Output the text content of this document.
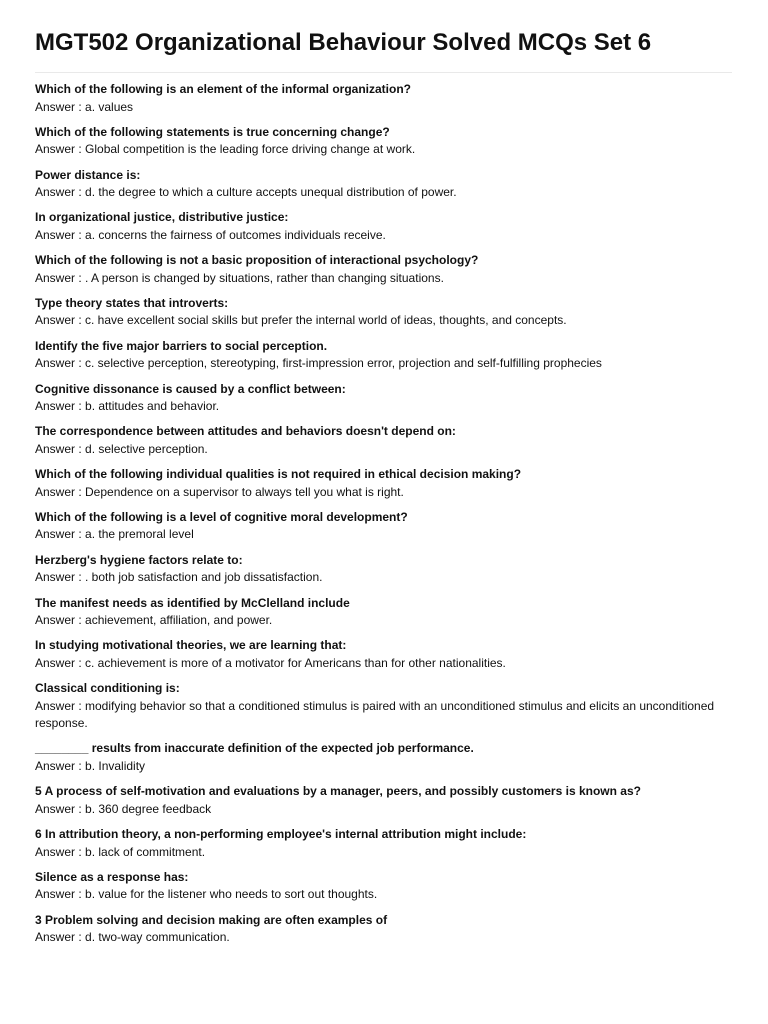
MGT502 Organizational Behaviour Solved MCQs Set 6

Which of the following is an element of the informal organization?

Answer : a. values

Which of the following statements is true concerning change?

Answer : Global competition is the leading force driving change at work.

Power distance is:

Answer : d. the degree to which a culture accepts unequal distribution of power.

In organizational justice, distributive justice:

Answer : a. concerns the fairness of outcomes individuals receive.

Which of the following is not a basic proposition of interactional psychology?

Answer : . A person is changed by situations, rather than changing situations.

Type theory states that introverts:

Answer : c. have excellent social skills but prefer the internal world of ideas, thoughts, and concepts.

Identify the five major barriers to social perception.

Answer : c. selective perception, stereotyping, first-impression error, projection and self-fulfilling prophecies

Cognitive dissonance is caused by a conflict between:

Answer : b. attitudes and behavior.

The correspondence between attitudes and behaviors doesn't depend on:

Answer : d. selective perception.

Which of the following individual qualities is not required in ethical decision making?

Answer : Dependence on a supervisor to always tell you what is right.

Which of the following is a level of cognitive moral development?

Answer : a. the premoral level

Herzberg's hygiene factors relate to:

Answer : . both job satisfaction and job dissatisfaction.

The manifest needs as identified by McClelland include

Answer : achievement, affiliation, and power.

In studying motivational theories, we are learning that:

Answer : c. achievement is more of a motivator for Americans than for other nationalities.

Classical conditioning is:

Answer : modifying behavior so that a conditioned stimulus is paired with an unconditioned stimulus and elicits an unconditioned response.

________ results from inaccurate definition of the expected job performance.

Answer : b. Invalidity

5 A process of self-motivation and evaluations by a manager, peers, and possibly customers is known as?

Answer : b. 360 degree feedback

6 In attribution theory, a non-performing employee's internal attribution might include:

Answer : b. lack of commitment.

Silence as a response has:

Answer : b. value for the listener who needs to sort out thoughts.

3 Problem solving and decision making are often examples of

Answer : d. two-way communication.
